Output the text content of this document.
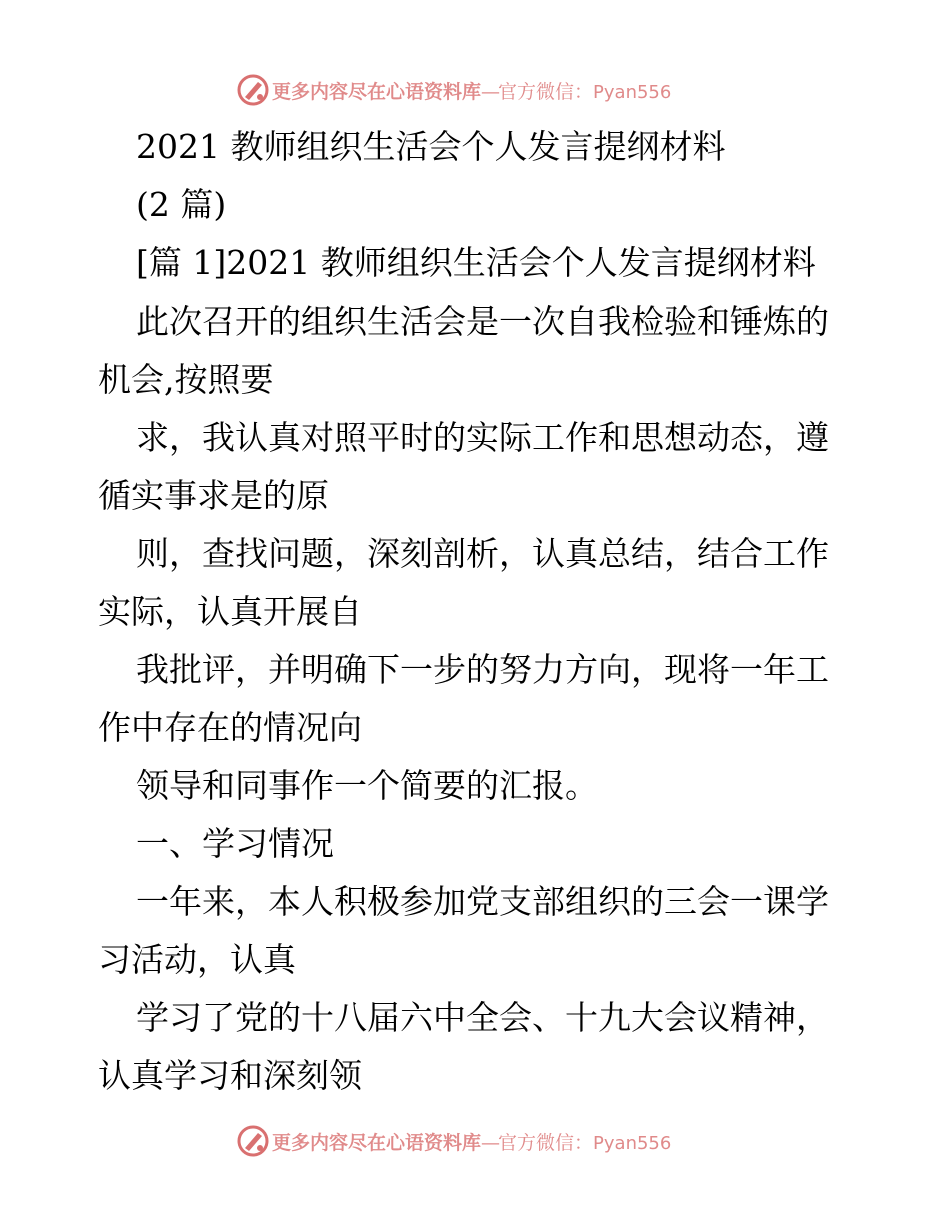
更多内容尽在心语资料库—官方微信：Pyan556
2021 教师组织生活会个人发言提纲材料
(2 篇)
[篇 1]2021 教师组织生活会个人发言提纲材料
此次召开的组织生活会是一次自我检验和锤炼的
机会,按照要
求，我认真对照平时的实际工作和思想动态，遵
循实事求是的原
则，查找问题，深刻剖析，认真总结，结合工作
实际，认真开展自
我批评，并明确下一步的努力方向，现将一年工
作中存在的情况向
领导和同事作一个简要的汇报。
一、学习情况
一年来，本人积极参加党支部组织的三会一课学
习活动，认真
学习了党的十八届六中全会、十九大会议精神，
认真学习和深刻领
更多内容尽在心语资料库—官方微信：Pyan556
